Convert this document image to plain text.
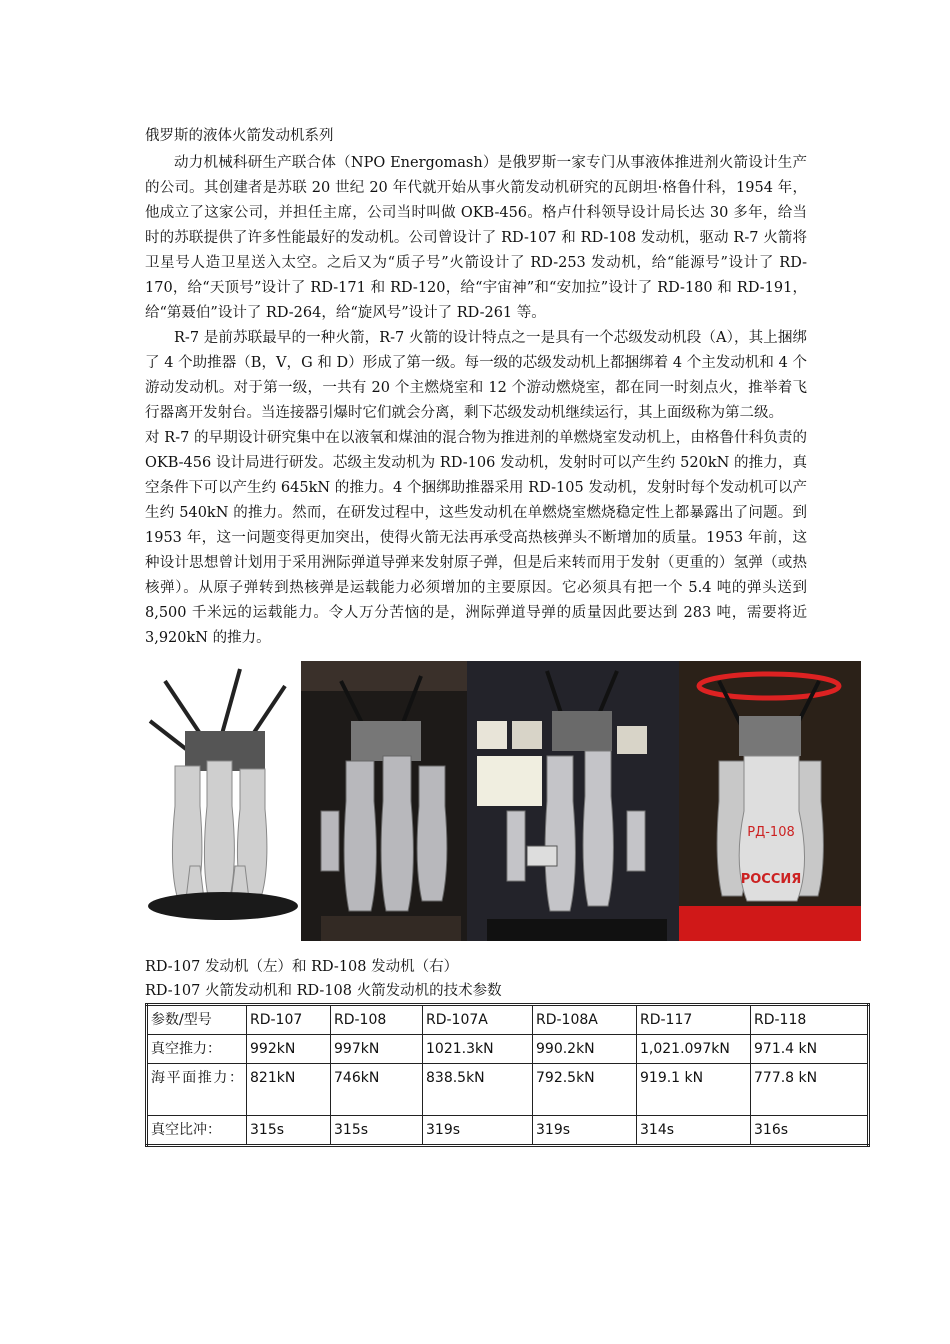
俄罗斯的液体火箭发动机系列

动力机械科研生产联合体（NPO Energomash）是俄罗斯一家专门从事液体推进剂火箭设计生产的公司。其创建者是苏联 20 世纪 20 年代就开始从事火箭发动机研究的瓦朗坦·格鲁什科，1954 年，他成立了这家公司，并担任主席，公司当时叫做 OKB-456。格卢什科领导设计局长达 30 多年，给当时的苏联提供了许多性能最好的发动机。公司曾设计了 RD-107 和 RD-108 发动机，驱动 R-7 火箭将卫星号人造卫星送入太空。之后又为“质子号”火箭设计了 RD-253 发动机，给“能源号”设计了 RD-170，给“天顶号”设计了 RD-171 和 RD-120，给“宇宙神”和“安加拉”设计了 RD-180 和 RD-191，给“第聂伯”设计了 RD-264，给“旋风号”设计了 RD-261 等。

R-7 是前苏联最早的一种火箭，R-7 火箭的设计特点之一是具有一个芯级发动机段（A），其上捆绑了 4 个助推器（B，V，G 和 D）形成了第一级。每一级的芯级发动机上都捆绑着 4 个主发动机和 4 个游动发动机。对于第一级，一共有 20 个主燃烧室和 12 个游动燃烧室，都在同一时刻点火，推举着飞行器离开发射台。当连接器引爆时它们就会分离，剩下芯级发动机继续运行，其上面级称为第二级。

对 R-7 的早期设计研究集中在以液氧和煤油的混合物为推进剂的单燃烧室发动机上，由格鲁什科负责的 OKB-456 设计局进行研发。芯级主发动机为 RD-106 发动机，发射时可以产生约 520kN 的推力，真空条件下可以产生约 645kN 的推力。4 个捆绑助推器采用 RD-105 发动机，发射时每个发动机可以产生约 540kN 的推力。然而，在研发过程中，这些发动机在单燃烧室燃烧稳定性上都暴露出了问题。到 1953 年，这一问题变得更加突出，使得火箭无法再承受高热核弹头不断增加的质量。1953 年前，这种设计思想曾计划用于采用洲际弹道导弹来发射原子弹，但是后来转而用于发射（更重的）氢弹（或热核弹）。从原子弹转到热核弹是运载能力必须增加的主要原因。它必须具有把一个 5.4 吨的弹头送到 8,500 千米远的运载能力。令人万分苦恼的是，洲际弹道导弹的质量因此要达到 283 吨，需要将近 3,920kN 的推力。

РД-108
РОССИЯ
RD-107 发动机（左）和 RD-108 发动机（右）
RD-107 火箭发动机和 RD-108 火箭发动机的技术参数
参数/型号	RD-107	RD-108	RD-107A	RD-108A	RD-117	RD-118
真空推力：	992kN	997kN	1021.3kN	990.2kN	1,021.097kN	971.4 kN
海平面推力：	821kN	746kN	838.5kN	792.5kN	919.1 kN	777.8 kN
真空比冲：	315s	315s	319s	319s	314s	316s
